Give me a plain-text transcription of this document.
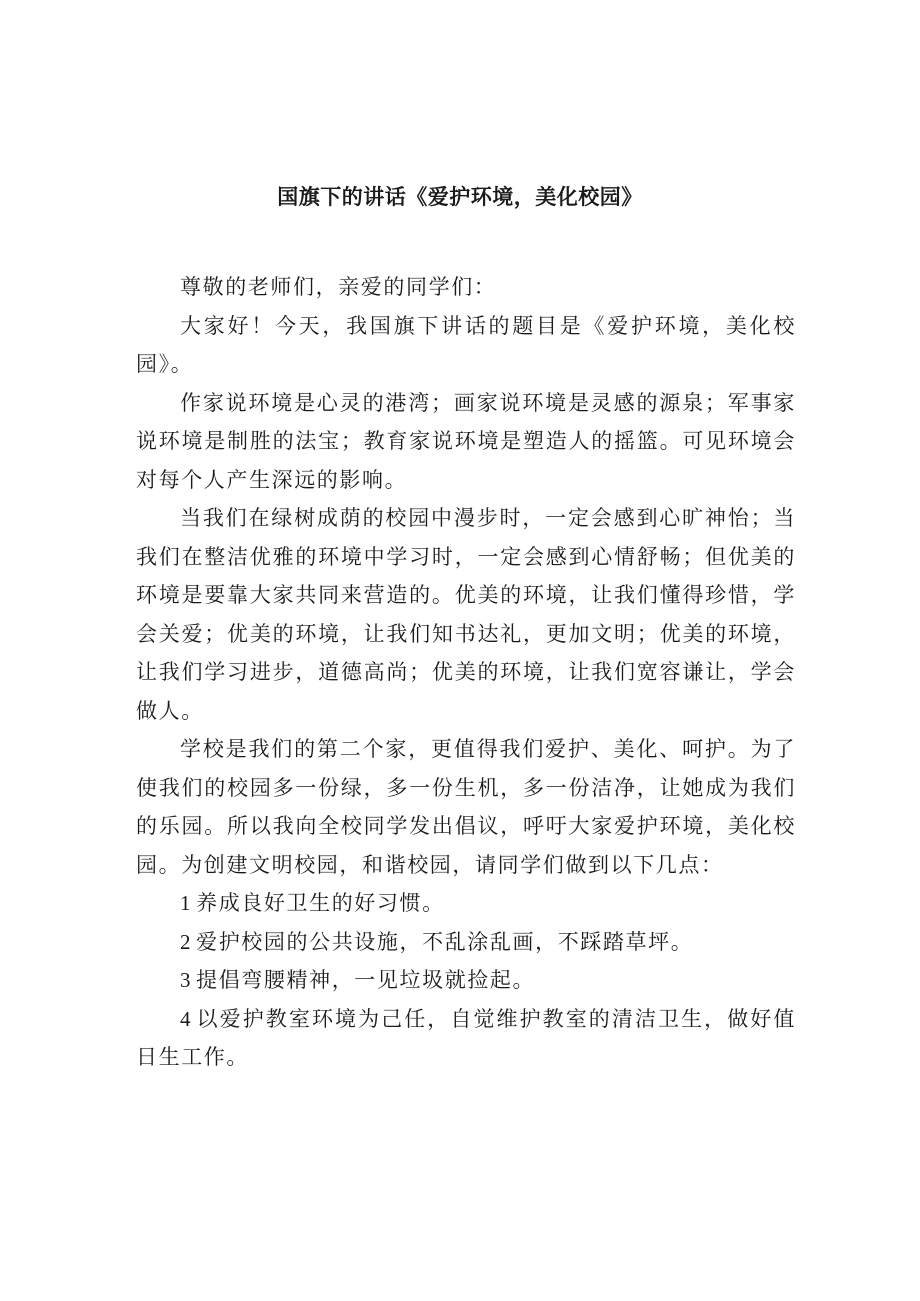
国旗下的讲话《爱护环境，美化校园》

尊敬的老师们，亲爱的同学们：

大家好！今天，我国旗下讲话的题目是《爱护环境，美化校园》。

作家说环境是心灵的港湾；画家说环境是灵感的源泉；军事家说环境是制胜的法宝；教育家说环境是塑造人的摇篮。可见环境会对每个人产生深远的影响。

当我们在绿树成荫的校园中漫步时，一定会感到心旷神怡；当我们在整洁优雅的环境中学习时，一定会感到心情舒畅；但优美的环境是要靠大家共同来营造的。优美的环境，让我们懂得珍惜，学会关爱；优美的环境，让我们知书达礼，更加文明；优美的环境，让我们学习进步，道德高尚；优美的环境，让我们宽容谦让，学会做人。

学校是我们的第二个家，更值得我们爱护、美化、呵护。为了使我们的校园多一份绿，多一份生机，多一份洁净，让她成为我们的乐园。所以我向全校同学发出倡议，呼吁大家爱护环境，美化校园。为创建文明校园，和谐校园，请同学们做到以下几点：

1 养成良好卫生的好习惯。

2 爱护校园的公共设施，不乱涂乱画，不踩踏草坪。

3 提倡弯腰精神，一见垃圾就捡起。

4 以爱护教室环境为己任，自觉维护教室的清洁卫生，做好值日生工作。
